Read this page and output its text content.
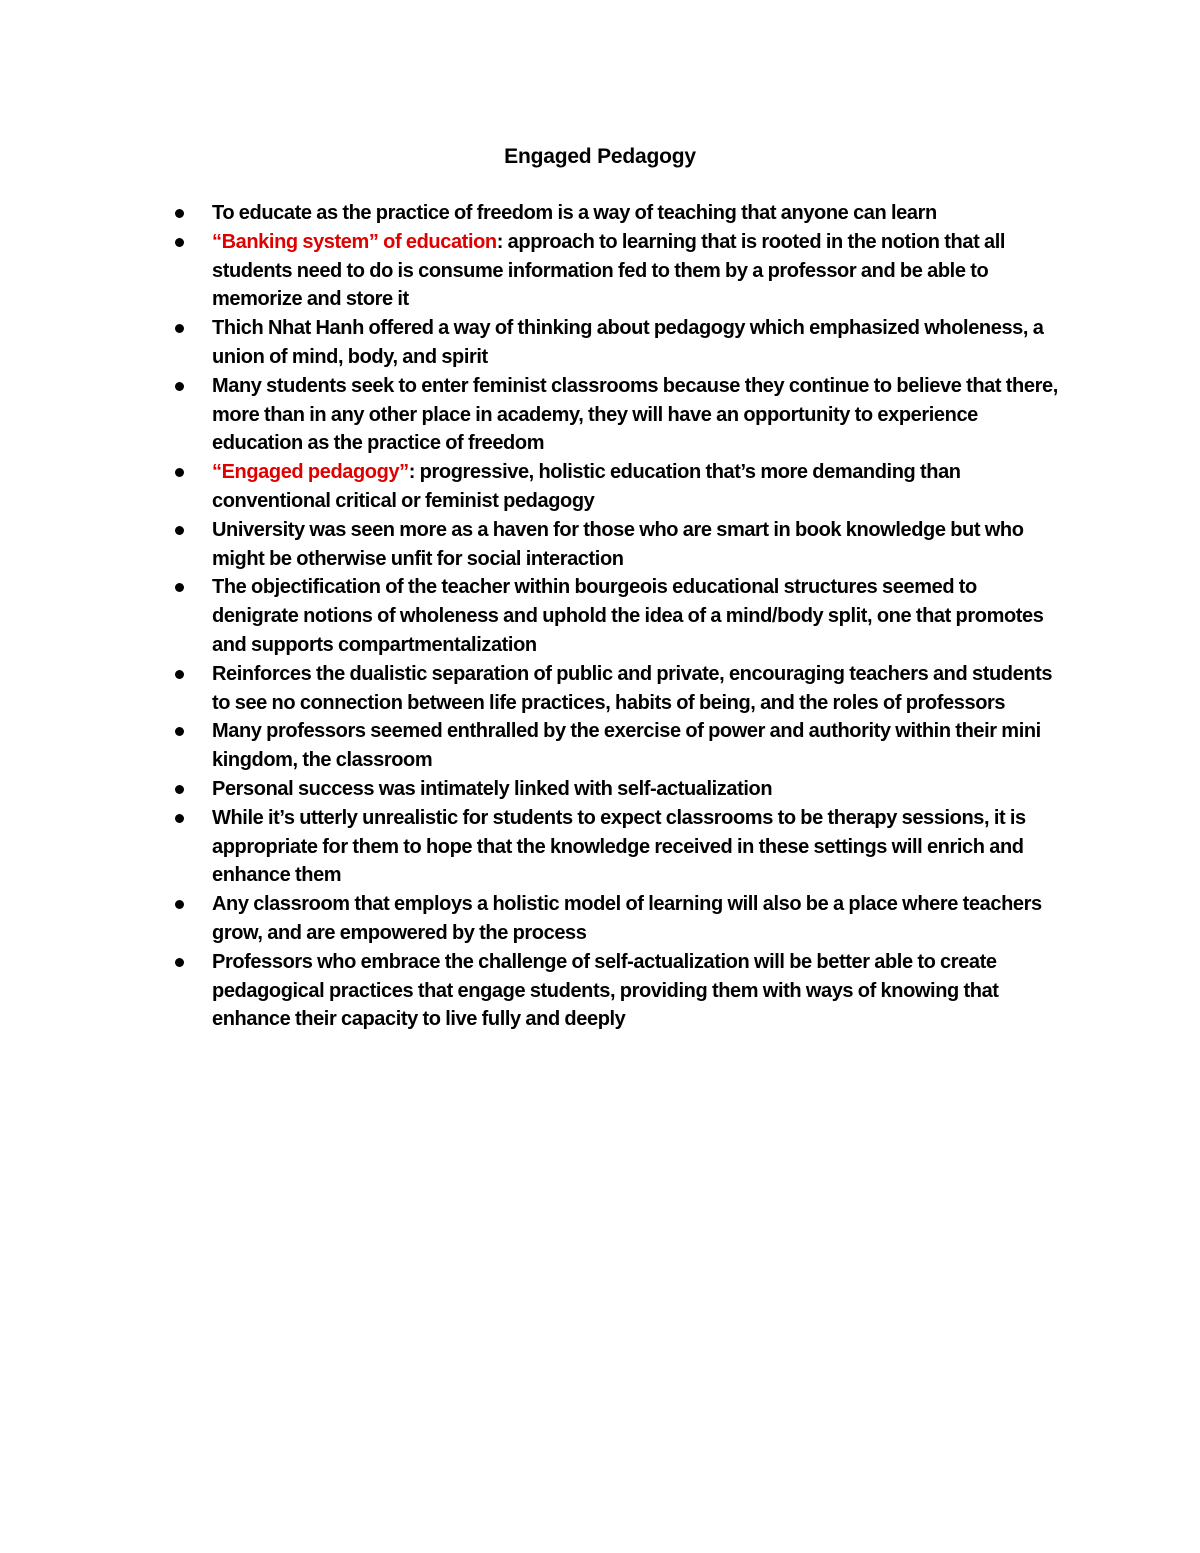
Engaged Pedagogy
To educate as the practice of freedom is a way of teaching that anyone can learn
“Banking system” of education: approach to learning that is rooted in the notion that all students need to do is consume information fed to them by a professor and be able to memorize and store it
Thich Nhat Hanh offered a way of thinking about pedagogy which emphasized wholeness, a union of mind, body, and spirit
Many students seek to enter feminist classrooms because they continue to believe that there, more than in any other place in academy, they will have an opportunity to experience education as the practice of freedom
“Engaged pedagogy”: progressive, holistic education that’s more demanding than conventional critical or feminist pedagogy
University was seen more as a haven for those who are smart in book knowledge but who might be otherwise unfit for social interaction
The objectification of the teacher within bourgeois educational structures seemed to denigrate notions of wholeness and uphold the idea of a mind/body split, one that promotes and supports compartmentalization
Reinforces the dualistic separation of public and private, encouraging teachers and students to see no connection between life practices, habits of being, and the roles of professors
Many professors seemed enthralled by the exercise of power and authority within their mini kingdom, the classroom
Personal success was intimately linked with self-actualization
While it’s utterly unrealistic for students to expect classrooms to be therapy sessions, it is appropriate for them to hope that the knowledge received in these settings will enrich and enhance them
Any classroom that employs a holistic model of learning will also be a place where teachers grow, and are empowered by the process
Professors who embrace the challenge of self-actualization will be better able to create pedagogical practices that engage students, providing them with ways of knowing that enhance their capacity to live fully and deeply
